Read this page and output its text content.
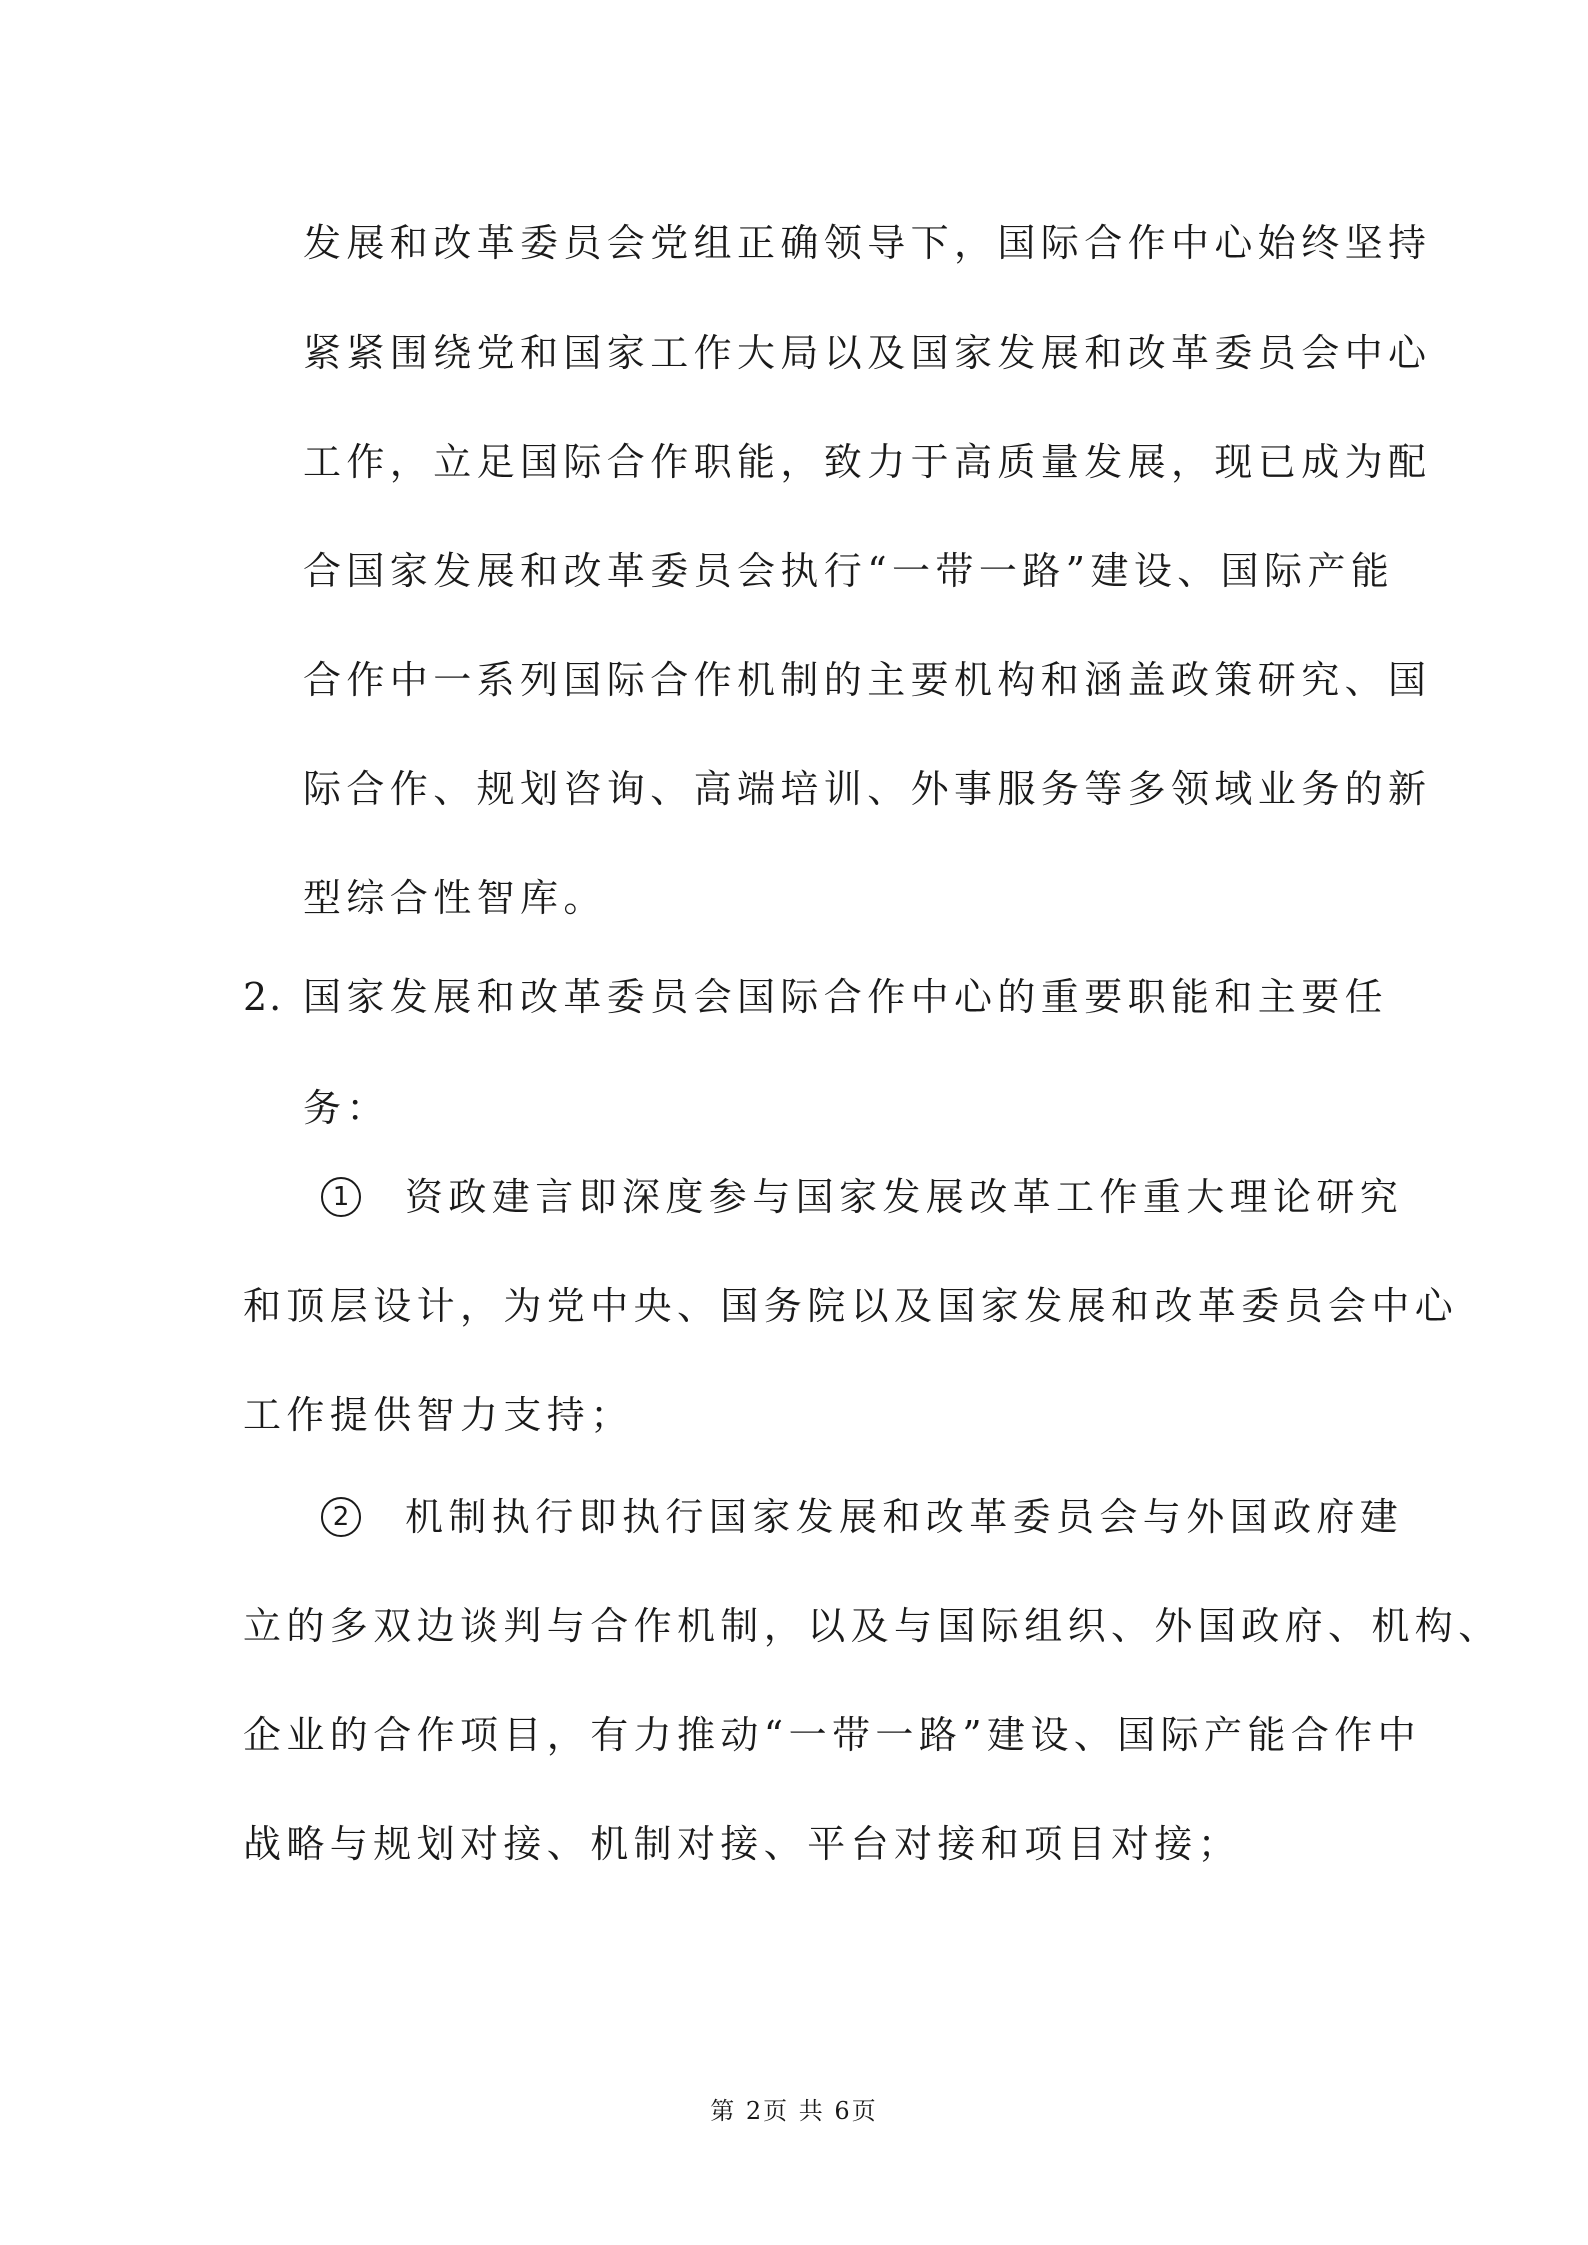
发展和改革委员会党组正确领导下，国际合作中心始终坚持
紧紧围绕党和国家工作大局以及国家发展和改革委员会中心
工作，立足国际合作职能，致力于高质量发展，现已成为配
合国家发展和改革委员会执行“一带一路”建设、国际产能
合作中一系列国际合作机制的主要机构和涵盖政策研究、国
际合作、规划咨询、高端培训、外事服务等多领域业务的新
型综合性智库。
2. 国家发展和改革委员会国际合作中心的重要职能和主要任
务：
1	资政建言即深度参与国家发展改革工作重大理论研究
和顶层设计，为党中央、国务院以及国家发展和改革委员会中心
工作提供智力支持；
2	机制执行即执行国家发展和改革委员会与外国政府建
立的多双边谈判与合作机制，以及与国际组织、外国政府、机构、
企业的合作项目，有力推动“一带一路”建设、国际产能合作中
战略与规划对接、机制对接、平台对接和项目对接；
第 2页 共 6页
